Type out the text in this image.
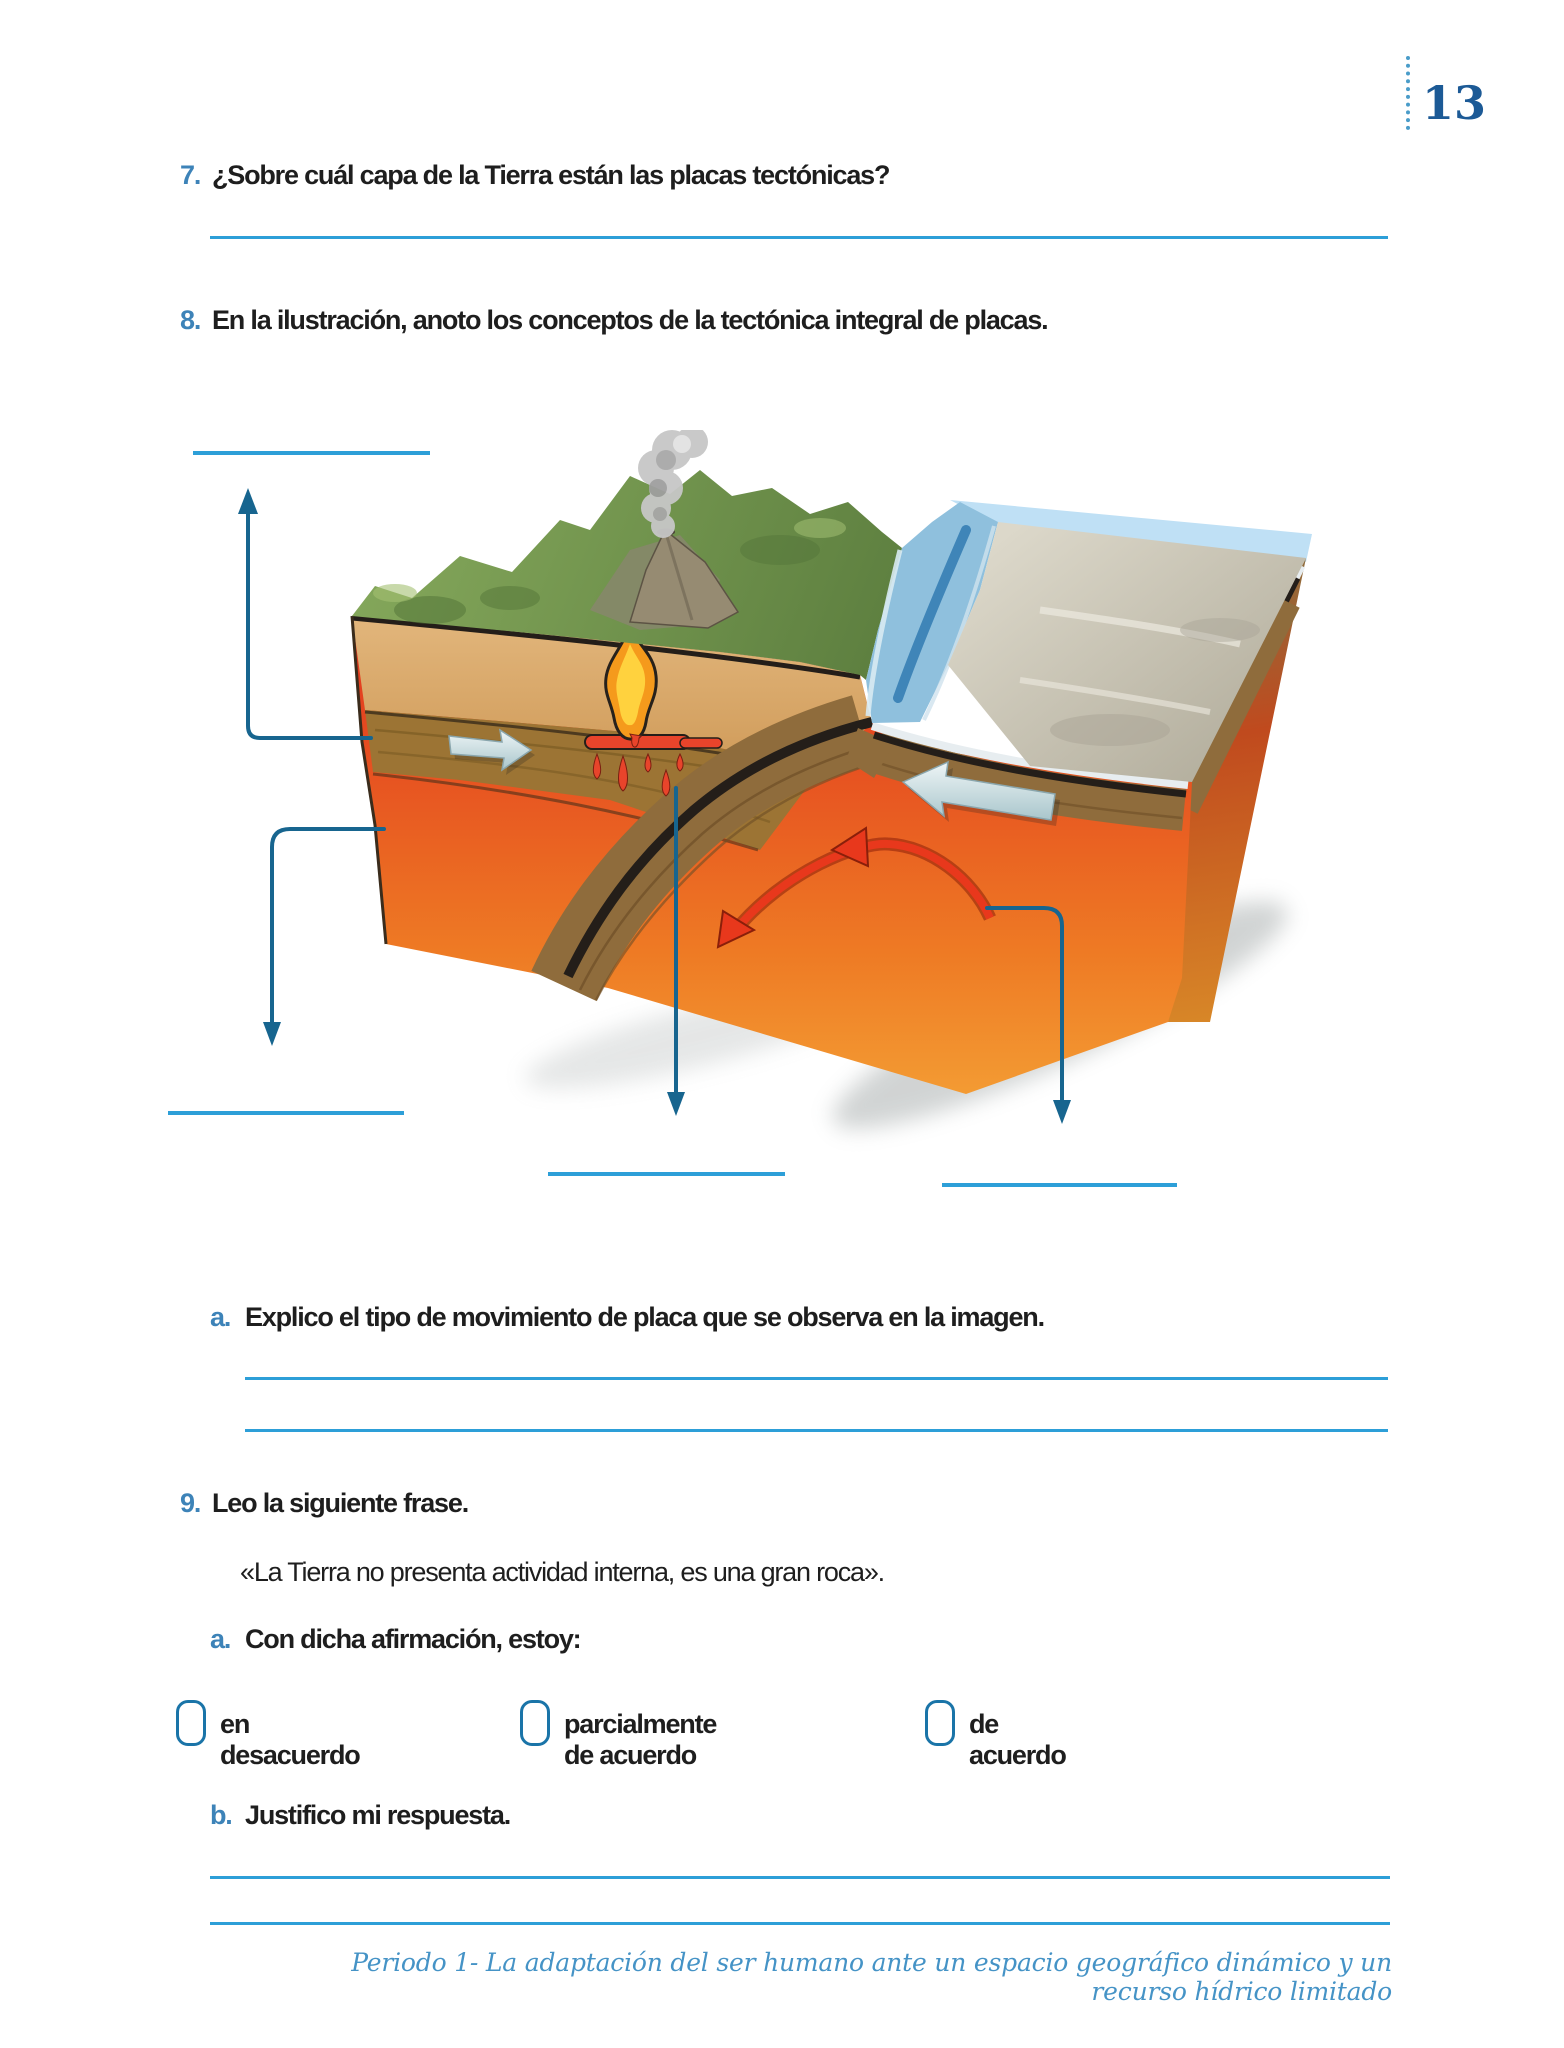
13
7. ¿Sobre cuál capa de la Tierra están las placas tectónicas?
8. En la ilustración, anoto los conceptos de la tectónica integral de placas.
a. Explico el tipo de movimiento de placa que se observa en la imagen.
9. Leo la siguiente frase.
«La Tierra no presenta actividad interna, es una gran roca».
a. Con dicha afirmación, estoy:
en desacuerdo
parcialmente de acuerdo
de acuerdo
b. Justifico mi respuesta.
Periodo 1- La adaptación del ser humano ante un espacio geográfico dinámico y un recurso hídrico limitado
